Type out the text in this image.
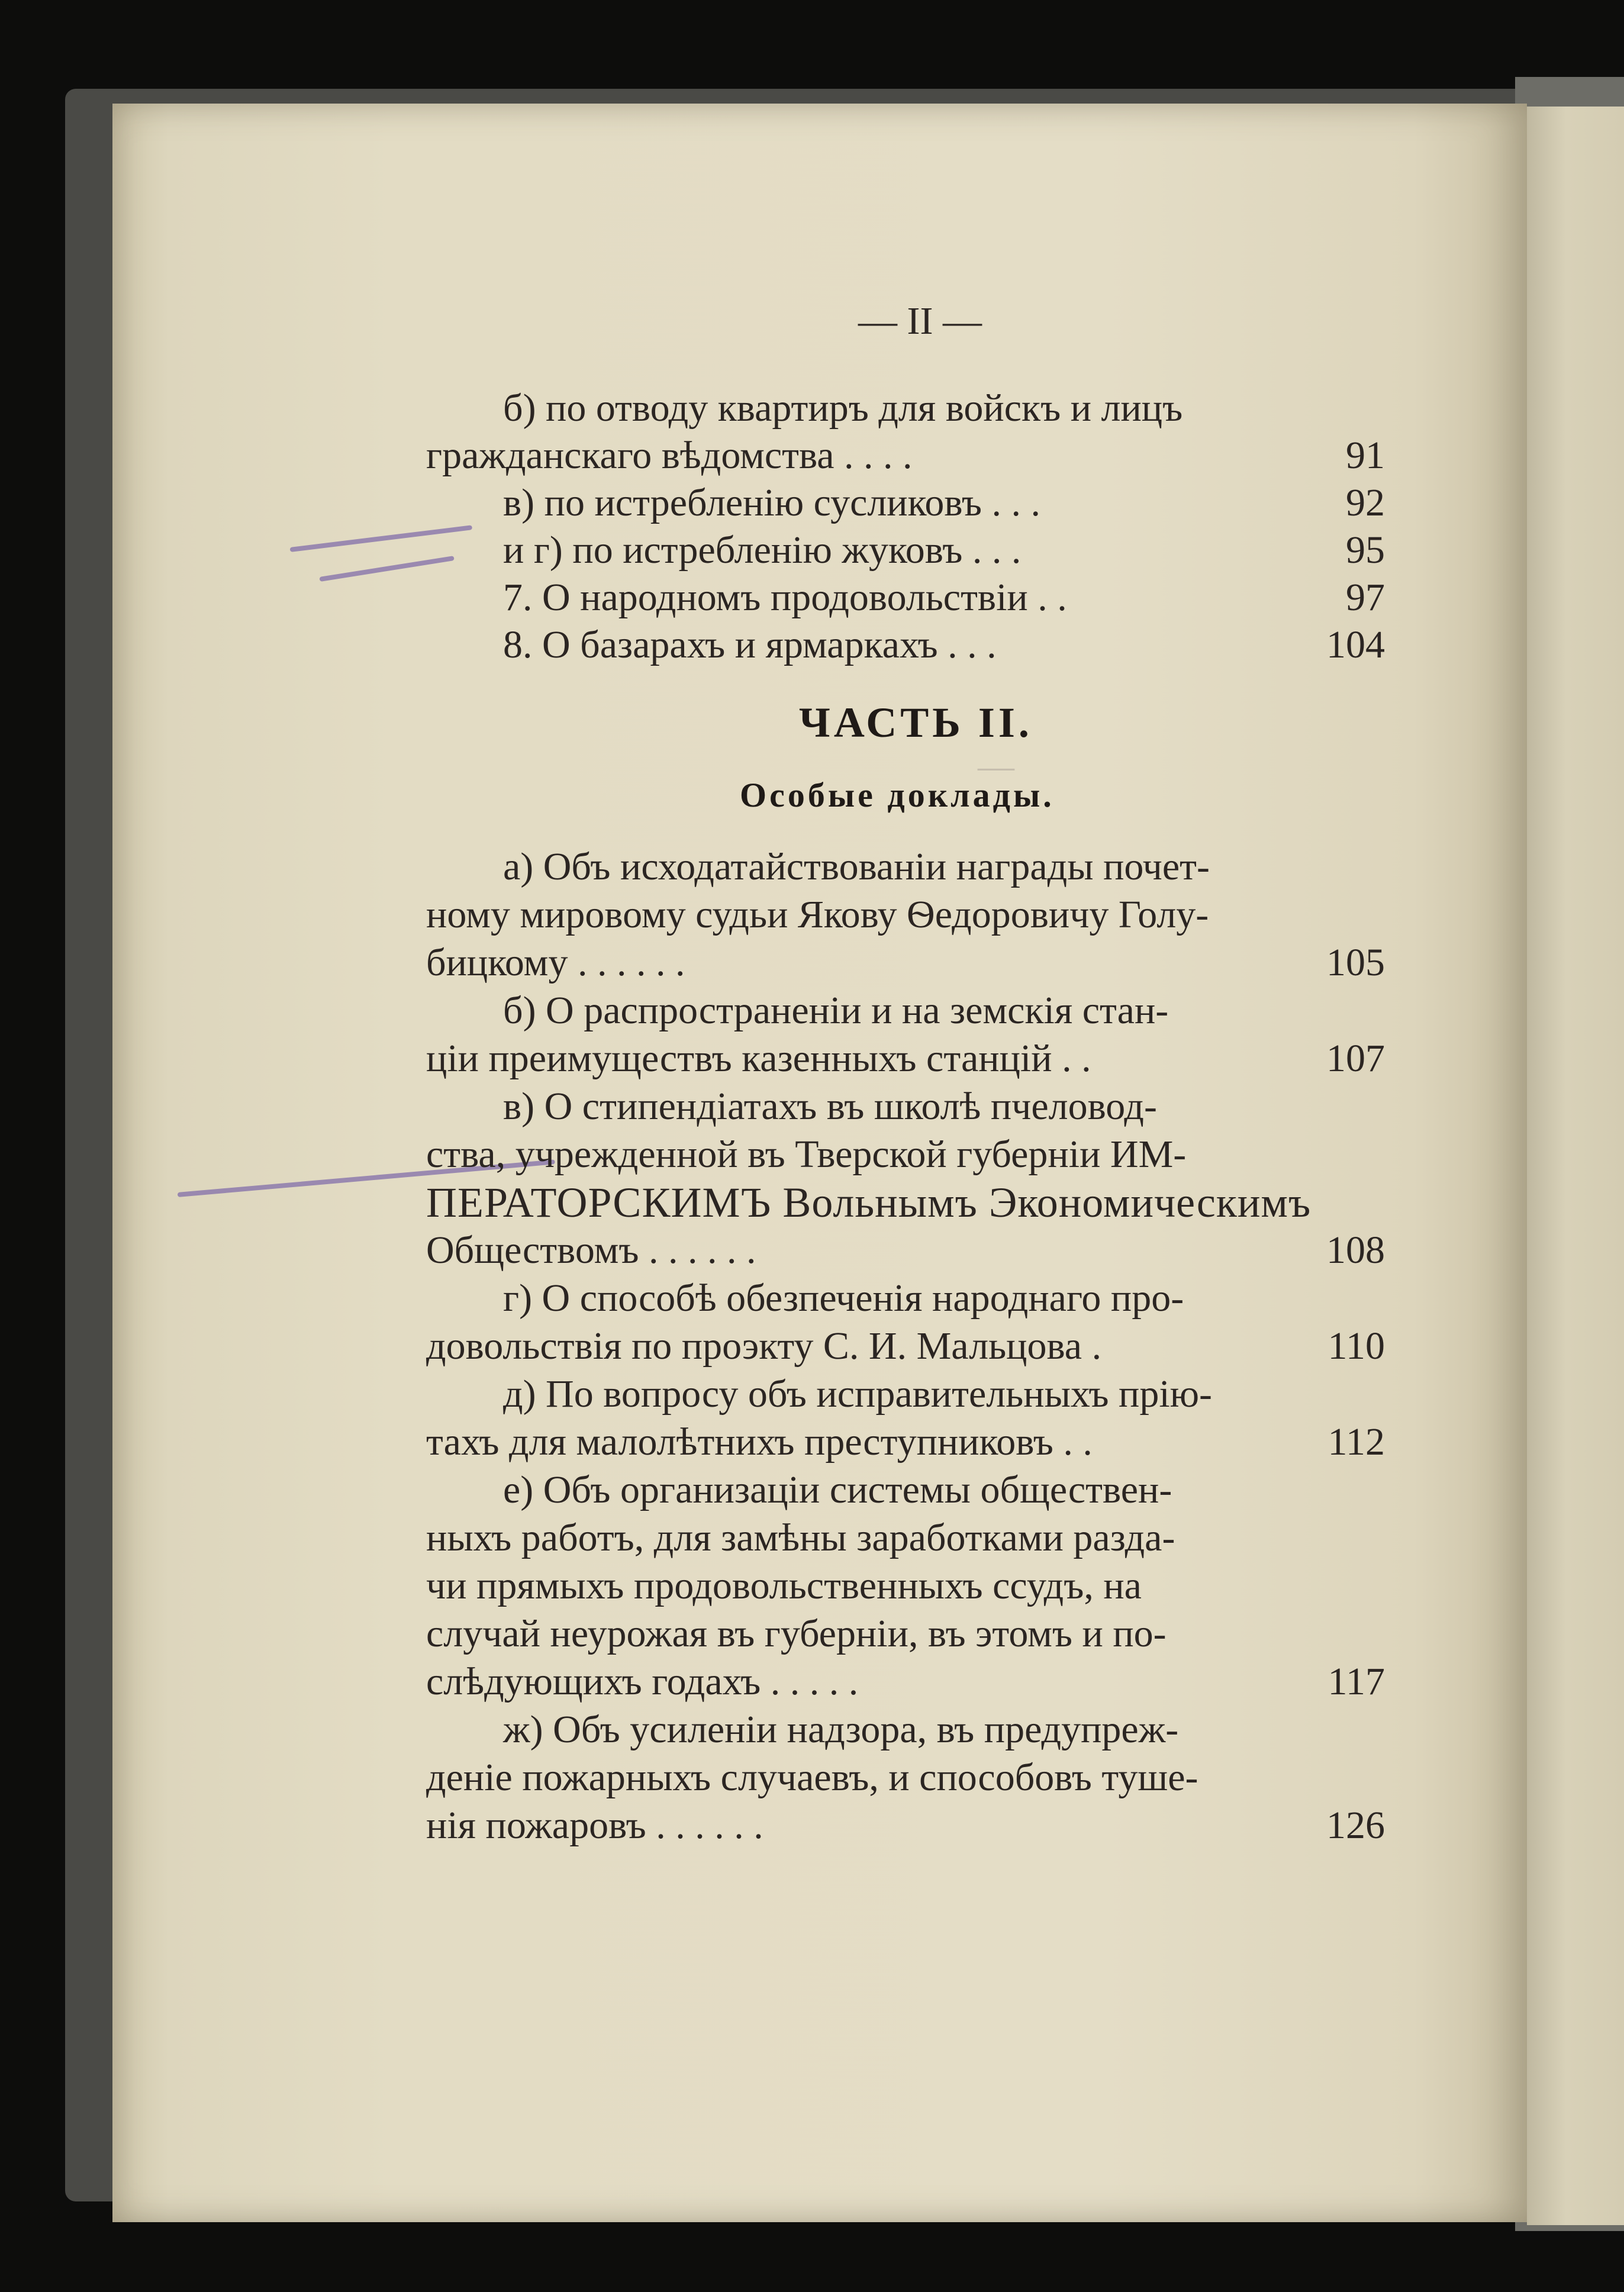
—
— II —
б) по отводу квартиръ для войскъ и лицъ
гражданскаго вѣдомства . . . .	91
в) по истребленію сусликовъ . . .	92
и г) по истребленію жуковъ . . .	95
7. О народномъ продовольствіи . .	97
8. О базарахъ и ярмаркахъ . . .	104
ЧАСТЬ II.
Особые доклады.
а) Объ исходатайствованіи награды почет-
ному мировому судьи Якову Ѳедоровичу Голу-
бицкому . . . . . .	105
б) О распространеніи и на земскія стан-
ціи преимуществъ казенныхъ станцій . .	107
в) О стипендіатахъ въ школѣ пчеловод-
ства, учрежденной въ Тверской губерніи ИМ-
ПЕРАТОРСКИМЪ Вольнымъ Экономическимъ
Обществомъ . . . . . .	108
г) О способѣ обезпеченія народнаго про-
довольствія по проэкту С. И. Мальцова .	110
д) По вопросу объ исправительныхъ прію-
тахъ для малолѣтнихъ преступниковъ . .	112
е) Объ организаціи системы обществен-
ныхъ работъ, для замѣны заработками разда-
чи прямыхъ продовольственныхъ ссудъ, на
случай неурожая въ губерніи, въ этомъ и по-
слѣдующихъ годахъ . . . . .	117
ж) Объ усиленіи надзора, въ предупреж-
деніе пожарныхъ случаевъ, и способовъ туше-
нія пожаровъ . . . . . .	126
